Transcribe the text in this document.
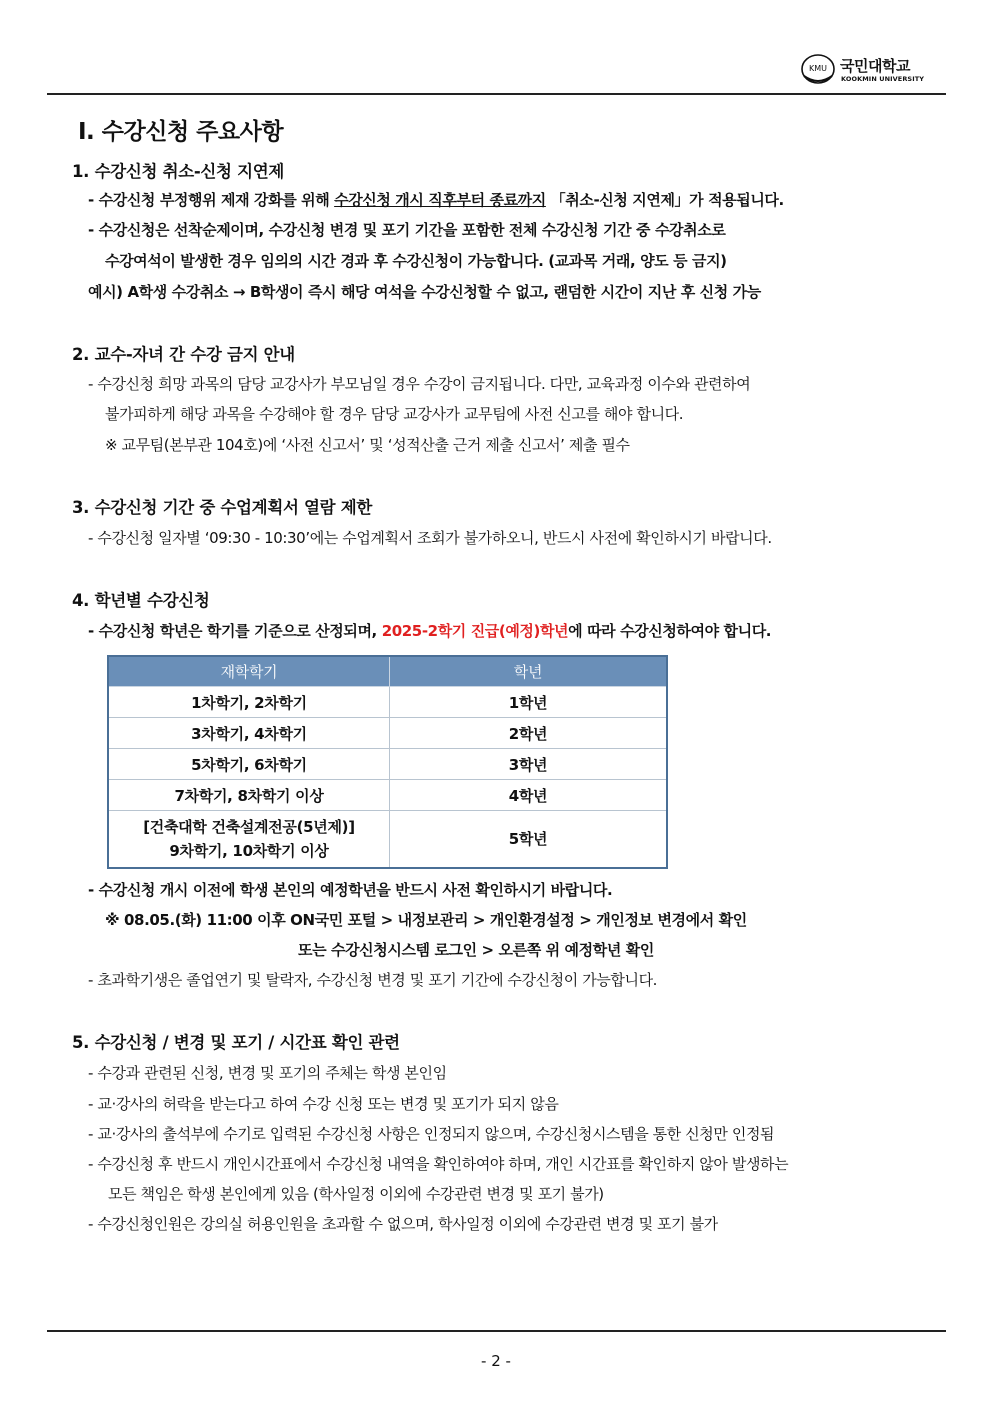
KMU 국민대학교
KOOKMIN UNIVERSITY
Ⅰ. 수강신청 주요사항
1. 수강신청 취소-신청 지연제
- 수강신청 부정행위 제재 강화를 위해 수강신청 개시 직후부터 종료까지 「취소-신청 지연제」가 적용됩니다.
- 수강신청은 선착순제이며, 수강신청 변경 및 포기 기간을 포함한 전체 수강신청 기간 중 수강취소로
수강여석이 발생한 경우 임의의 시간 경과 후 수강신청이 가능합니다. (교과목 거래, 양도 등 금지)
예시) A학생 수강취소 → B학생이 즉시 해당 여석을 수강신청할 수 없고, 랜덤한 시간이 지난 후 신청 가능
2. 교수-자녀 간 수강 금지 안내
- 수강신청 희망 과목의 담당 교강사가 부모님일 경우 수강이 금지됩니다. 다만, 교육과정 이수와 관련하여
불가피하게 해당 과목을 수강해야 할 경우 담당 교강사가 교무팀에 사전 신고를 해야 합니다.
※ 교무팀(본부관 104호)에 ‘사전 신고서’ 및 ‘성적산출 근거 제출 신고서’ 제출 필수
3. 수강신청 기간 중 수업계획서 열람 제한
- 수강신청 일자별 ‘09:30 - 10:30’에는 수업계획서 조회가 불가하오니, 반드시 사전에 확인하시기 바랍니다.
4. 학년별 수강신청
- 수강신청 학년은 학기를 기준으로 산정되며, 2025-2학기 진급(예정)학년에 따라 수강신청하여야 합니다.
재학학기	학년
1차학기, 2차학기	1학년
3차학기, 4차학기	2학년
5차학기, 6차학기	3학년
7차학기, 8차학기 이상	4학년

[건축대학 건축설계전공(5년제)]
9차학기, 10차학기 이상	5학년
- 수강신청 개시 이전에 학생 본인의 예정학년을 반드시 사전 확인하시기 바랍니다.
※ 08.05.(화) 11:00 이후 ON국민 포털 > 내정보관리 > 개인환경설정 > 개인정보 변경에서 확인
또는 수강신청시스템 로그인 > 오른쪽 위 예정학년 확인
- 초과학기생은 졸업연기 및 탈락자, 수강신청 변경 및 포기 기간에 수강신청이 가능합니다.
5. 수강신청 / 변경 및 포기 / 시간표 확인 관련
- 수강과 관련된 신청, 변경 및 포기의 주체는 학생 본인임
- 교·강사의 허락을 받는다고 하여 수강 신청 또는 변경 및 포기가 되지 않음
- 교·강사의 출석부에 수기로 입력된 수강신청 사항은 인정되지 않으며, 수강신청시스템을 통한 신청만 인정됨
- 수강신청 후 반드시 개인시간표에서 수강신청 내역을 확인하여야 하며, 개인 시간표를 확인하지 않아 발생하는
모든 책임은 학생 본인에게 있음 (학사일정 이외에 수강관련 변경 및 포기 불가)
- 수강신청인원은 강의실 허용인원을 초과할 수 없으며, 학사일정 이외에 수강관련 변경 및 포기 불가
- 2 -
